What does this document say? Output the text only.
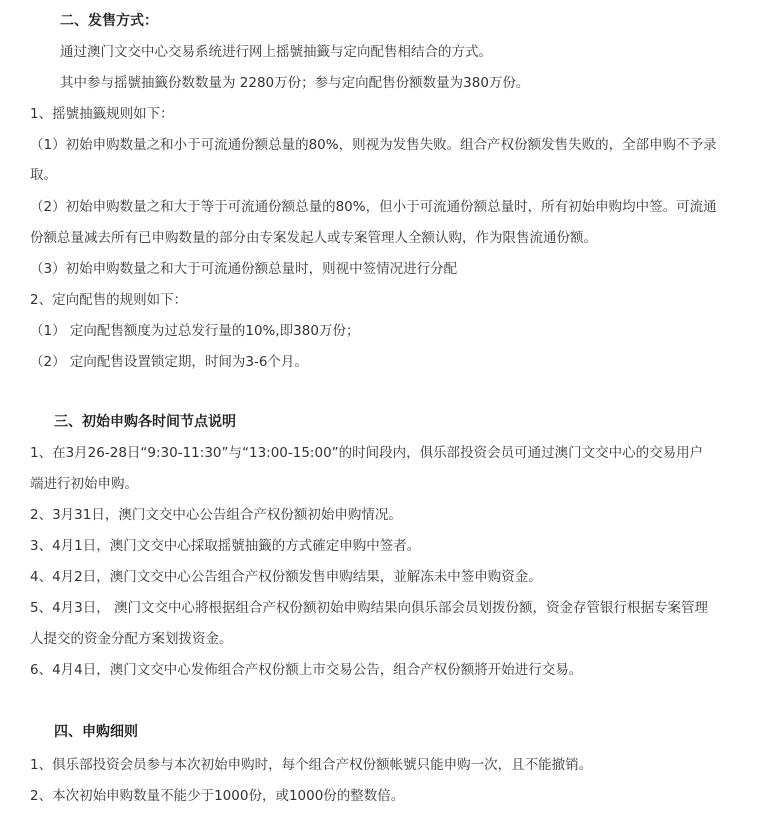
二、发售方式：
通过澳门文交中心交易系统进行网上摇號抽籤与定向配售相结合的方式。
其中参与摇號抽籤份数数量为 2280万份；参与定向配售份额数量为380万份。
1、摇號抽籤规则如下：
（1）初始申购数量之和小于可流通份额总量的80%，则视为发售失败。组合产权份额发售失败的，全部申购不予录
取。
（2）初始申购数量之和大于等于可流通份额总量的80%，但小于可流通份额总量时，所有初始申购均中签。可流通
份额总量减去所有已申购数量的部分由专案发起人或专案管理人全额认购，作为限售流通份额。
（3）初始申购数量之和大于可流通份额总量时，则视中签情况进行分配
2、定向配售的规则如下：
（1） 定向配售额度为过总发行量的10%,即380万份；
（2） 定向配售设置锁定期，时间为3-6个月。
三、初始申购各时间节点说明
1、在3月26-28日“9:30-11:30”与“13:00-15:00”的时间段内，俱乐部投资会员可通过澳门文交中心的交易用户
端进行初始申购。
2、3月31日，澳门文交中心公告组合产权份额初始申购情况。
3、4月1日，澳门文交中心採取摇號抽籤的方式確定申购中签者。
4、4月2日，澳门文交中心公告组合产权份额发售申购结果，並解冻未中签申购资金。
5、4月3日， 澳门文交中心將根据组合产权份额初始申购结果向俱乐部会员划拨份额，资金存管银行根据专案管理
人提交的资金分配方案划拨资金。
6、4月4日，澳门文交中心发佈组合产权份额上市交易公告，组合产权份额將开始进行交易。
四、申购细则
1、俱乐部投资会员参与本次初始申购时，每个组合产权份额帐號只能申购一次，且不能撤销。
2、本次初始申购数量不能少于1000份，或1000份的整数倍。
